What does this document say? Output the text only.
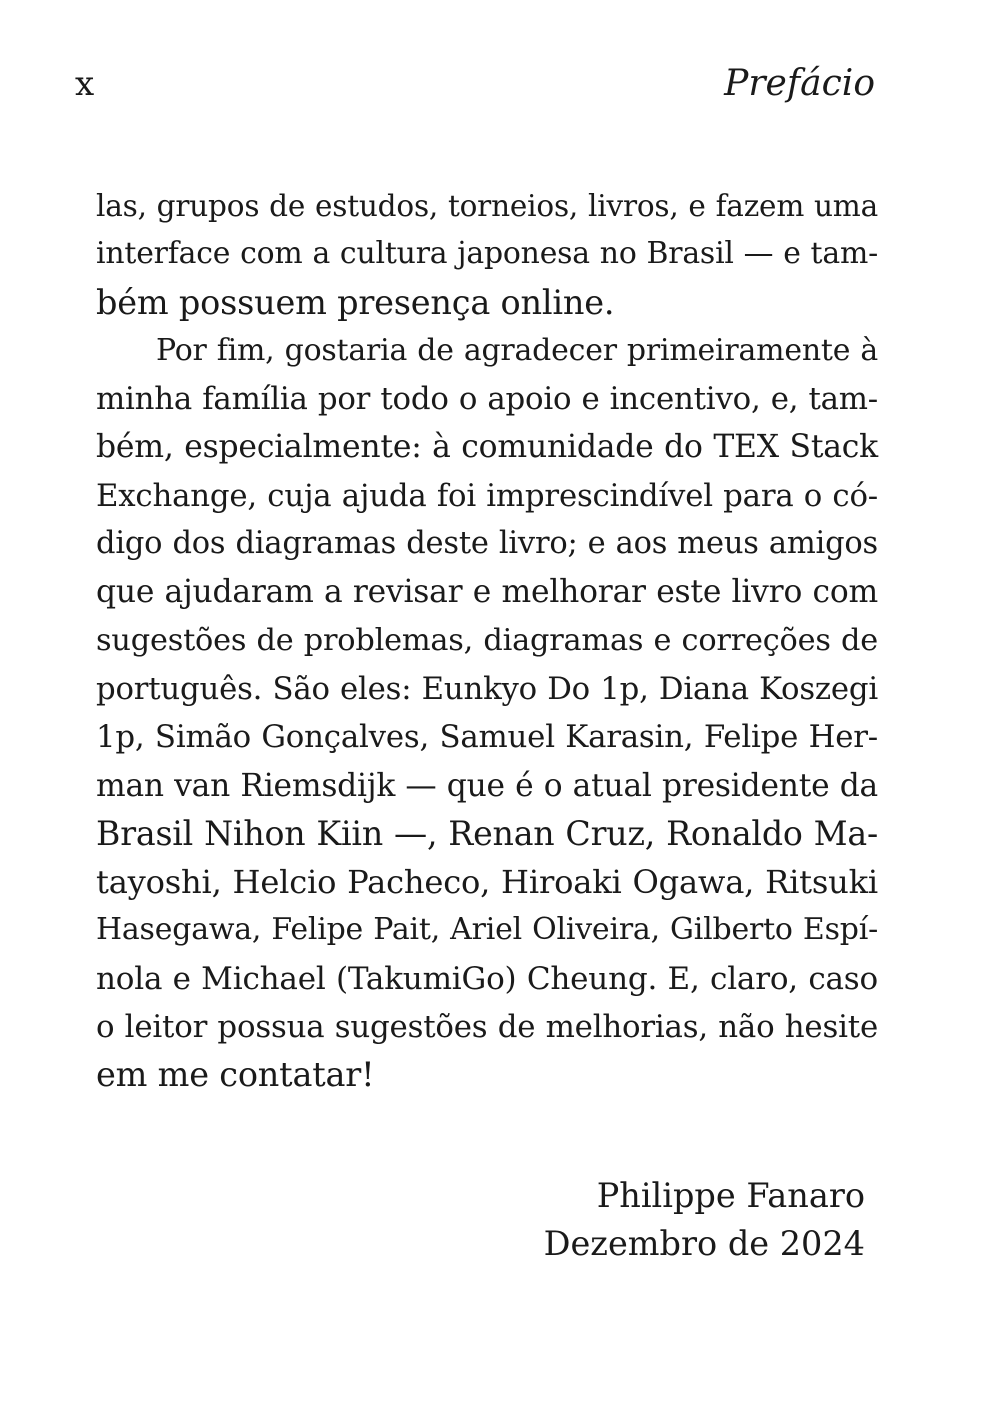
x	Prefácio
las, grupos de estudos, torneios, livros, e fazem uma
interface com a cultura japonesa no Brasil — e tam-
bém possuem presença online.
Por fim, gostaria de agradecer primeiramente à
minha família por todo o apoio e incentivo, e, tam-
bém, especialmente: à comunidade do TEX Stack
Exchange, cuja ajuda foi imprescindível para o có-
digo dos diagramas deste livro; e aos meus amigos
que ajudaram a revisar e melhorar este livro com
sugestões de problemas, diagramas e correções de
português. São eles: Eunkyo Do 1p, Diana Koszegi
1p, Simão Gonçalves, Samuel Karasin, Felipe Her-
man van Riemsdijk — que é o atual presidente da
Brasil Nihon Kiin —, Renan Cruz, Ronaldo Ma-
tayoshi, Helcio Pacheco, Hiroaki Ogawa, Ritsuki
Hasegawa, Felipe Pait, Ariel Oliveira, Gilberto Espí-
nola e Michael (TakumiGo) Cheung. E, claro, caso
o leitor possua sugestões de melhorias, não hesite
em me contatar!
Philippe Fanaro
Dezembro de 2024
